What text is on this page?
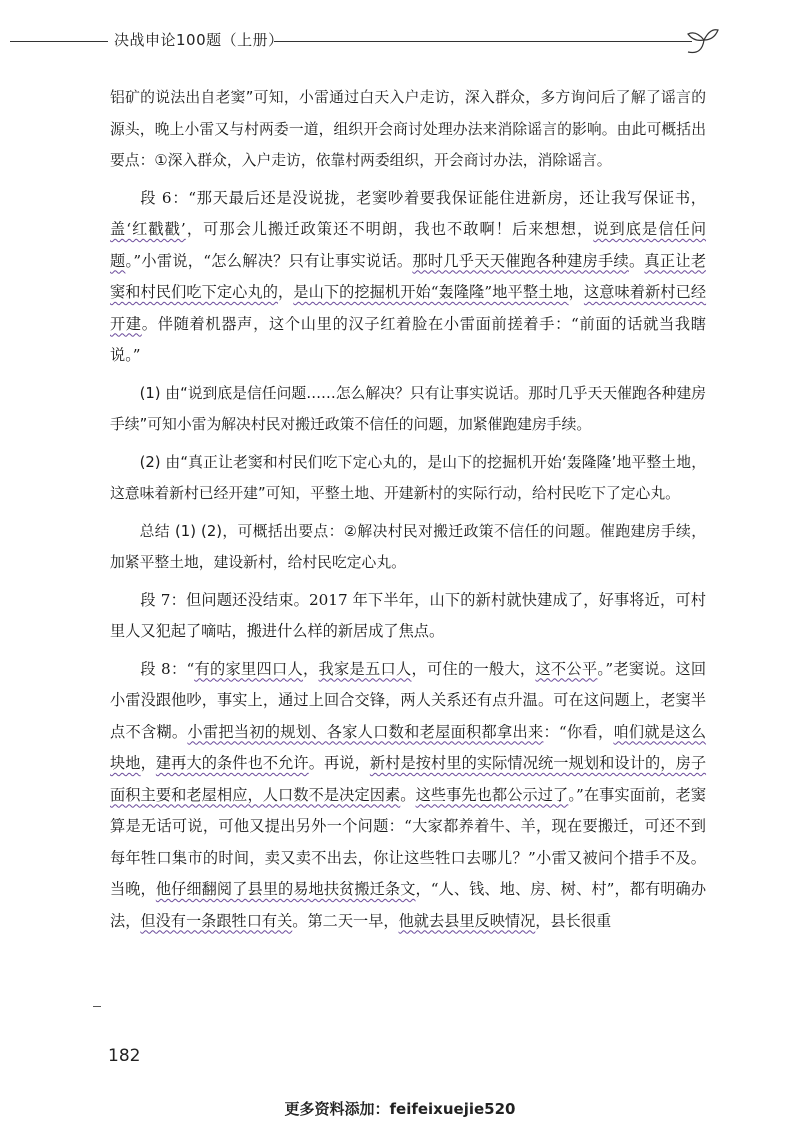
决战申论100题（上册）

铝矿的说法出自老窦”可知，小雷通过白天入户走访，深入群众，多方询问后了解了谣言的源头，晚上小雷又与村两委一道，组织开会商讨处理办法来消除谣言的影响。由此可概括出要点：①深入群众，入户走访，依靠村两委组织，开会商讨办法，消除谣言。

段 6：“那天最后还是没说拢，老窦吵着要我保证能住进新房，还让我写保证书，盖‘红戳戳’，可那会儿搬迁政策还不明朗，我也不敢啊！后来想想，说到底是信任问题。”小雷说，“怎么解决？只有让事实说话。那时几乎天天催跑各种建房手续。真正让老窦和村民们吃下定心丸的，是山下的挖掘机开始“轰隆隆”地平整土地，这意味着新村已经开建。伴随着机器声，这个山里的汉子红着脸在小雷面前搓着手：“前面的话就当我瞎说。”

(1) 由“说到底是信任问题……怎么解决？只有让事实说话。那时几乎天天催跑各种建房手续”可知小雷为解决村民对搬迁政策不信任的问题，加紧催跑建房手续。

(2) 由“真正让老窦和村民们吃下定心丸的，是山下的挖掘机开始‘轰隆隆’地平整土地，这意味着新村已经开建”可知，平整土地、开建新村的实际行动，给村民吃下了定心丸。

总结 (1) (2)，可概括出要点：②解决村民对搬迁政策不信任的问题。催跑建房手续，加紧平整土地，建设新村，给村民吃定心丸。

段 7：但问题还没结束。2017 年下半年，山下的新村就快建成了，好事将近，可村里人又犯起了嘀咕，搬进什么样的新居成了焦点。

段 8：“有的家里四口人，我家是五口人，可住的一般大，这不公平。”老窦说。这回小雷没跟他吵，事实上，通过上回合交锋，两人关系还有点升温。可在这问题上，老窦半点不含糊。小雷把当初的规划、各家人口数和老屋面积都拿出来：“你看，咱们就是这么块地，建再大的条件也不允许。再说，新村是按村里的实际情况统一规划和设计的，房子面积主要和老屋相应，人口数不是决定因素。这些事先也都公示过了。”在事实面前，老窦算是无话可说，可他又提出另外一个问题：“大家都养着牛、羊，现在要搬迁，可还不到每年牲口集市的时间，卖又卖不出去，你让这些牲口去哪儿？”小雷又被问个措手不及。当晚，他仔细翻阅了县里的易地扶贫搬迁条文，“人、钱、地、房、树、村”，都有明确办法，但没有一条跟牲口有关。第二天一早，他就去县里反映情况，县长很重

182
更多资料添加：feifeixuejie520
